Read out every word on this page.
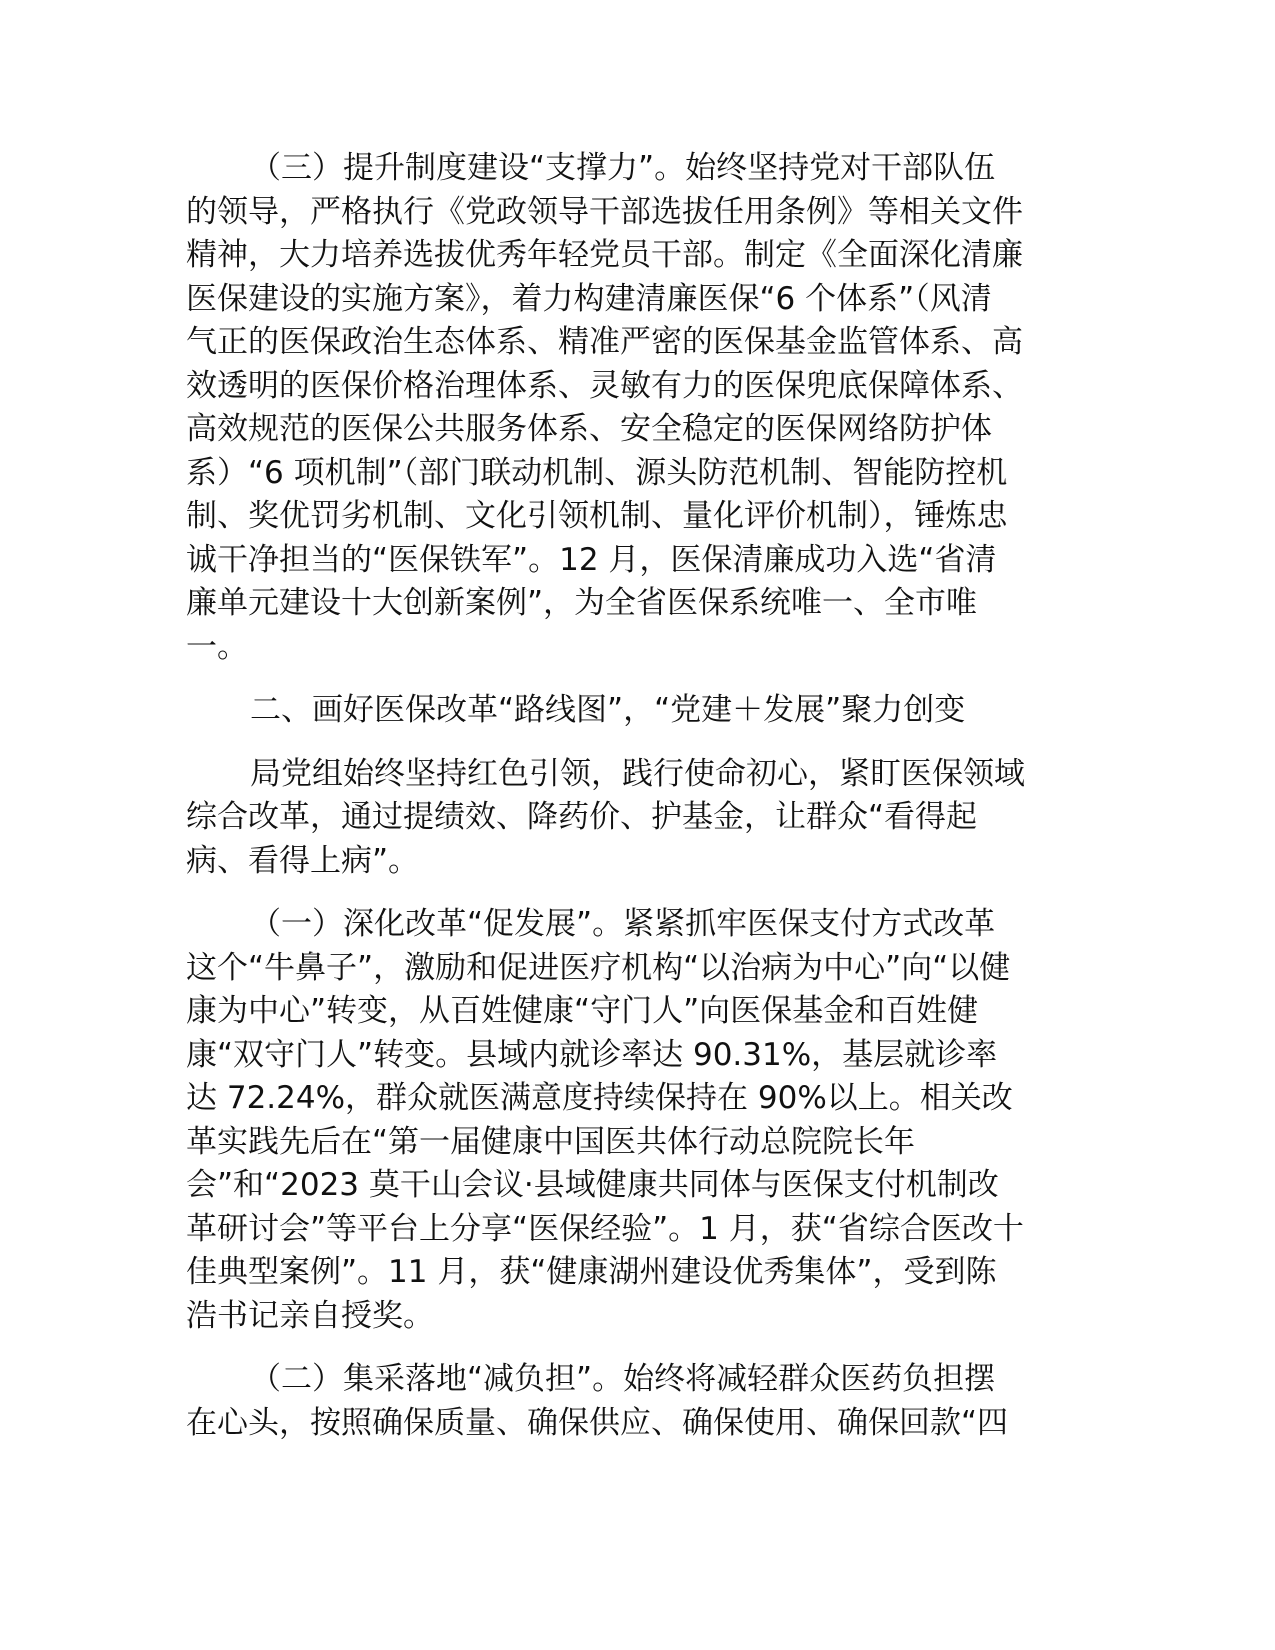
（三）提升制度建设“支撑力”。始终坚持党对干部队伍
的领导，严格执行《党政领导干部选拔任用条例》等相关文件
精神，大力培养选拔优秀年轻党员干部。制定《全面深化清廉
医保建设的实施方案》，着力构建清廉医保“6 个体系”（风清
气正的医保政治生态体系、精准严密的医保基金监管体系、高
效透明的医保价格治理体系、灵敏有力的医保兜底保障体系、
高效规范的医保公共服务体系、安全稳定的医保网络防护体
系）“6 项机制”（部门联动机制、源头防范机制、智能防控机
制、奖优罚劣机制、文化引领机制、量化评价机制），锤炼忠
诚干净担当的“医保铁军”。12 月，医保清廉成功入选“省清
廉单元建设十大创新案例”，为全省医保系统唯一、全市唯
一。
二、画好医保改革“路线图”，“党建＋发展”聚力创变
局党组始终坚持红色引领，践行使命初心，紧盯医保领域
综合改革，通过提绩效、降药价、护基金，让群众“看得起
病、看得上病”。
（一）深化改革“促发展”。紧紧抓牢医保支付方式改革
这个“牛鼻子”，激励和促进医疗机构“以治病为中心”向“以健
康为中心”转变，从百姓健康“守门人”向医保基金和百姓健
康“双守门人”转变。县域内就诊率达 90.31%，基层就诊率
达 72.24%，群众就医满意度持续保持在 90%以上。相关改
革实践先后在“第一届健康中国医共体行动总院院长年
会”和“2023 莫干山会议·县域健康共同体与医保支付机制改
革研讨会”等平台上分享“医保经验”。1 月，获“省综合医改十
佳典型案例”。11 月，获“健康湖州建设优秀集体”，受到陈
浩书记亲自授奖。
（二）集采落地“减负担”。始终将减轻群众医药负担摆
在心头，按照确保质量、确保供应、确保使用、确保回款“四
